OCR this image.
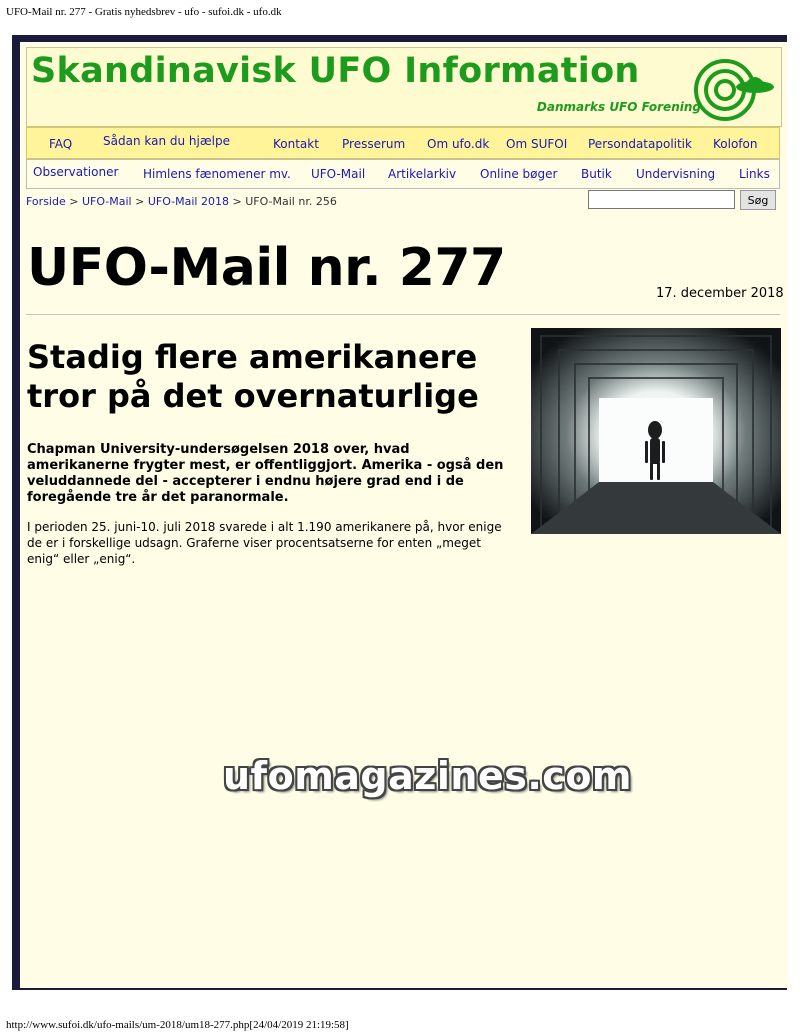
UFO-Mail nr. 277 - Gratis nyhedsbrev - ufo - sufoi.dk - ufo.dk
Skandinavisk UFO Information
Danmarks UFO Forening
FAQ	Sådan kan du hjælpe	Kontakt Presserum Om ufo.dk Om SUFOI Persondatapolitik Kolofon
Observationer Himlens fænomener mv. UFO-Mail Artikelarkiv Online bøger Butik Undervisning Links
Forside > UFO-Mail > UFO-Mail 2018 > UFO-Mail nr. 256	Søg
UFO-Mail nr. 277	17. december 2018
Stadig flere amerikanere tror på det overnaturlige
Chapman University-undersøgelsen 2018 over, hvad amerikanerne frygter mest, er offentliggjort. Amerika - også den veluddannede del - accepterer i endnu højere grad end i de foregående tre år det paranormale.
I perioden 25. juni-10. juli 2018 svarede i alt 1.190 amerikanere på, hvor enige de er i forskellige udsagn. Graferne viser procentsatserne for enten „meget enig“ eller „enig“.
ufomagazines.com
http://www.sufoi.dk/ufo-mails/um-2018/um18-277.php[24/04/2019 21:19:58]
